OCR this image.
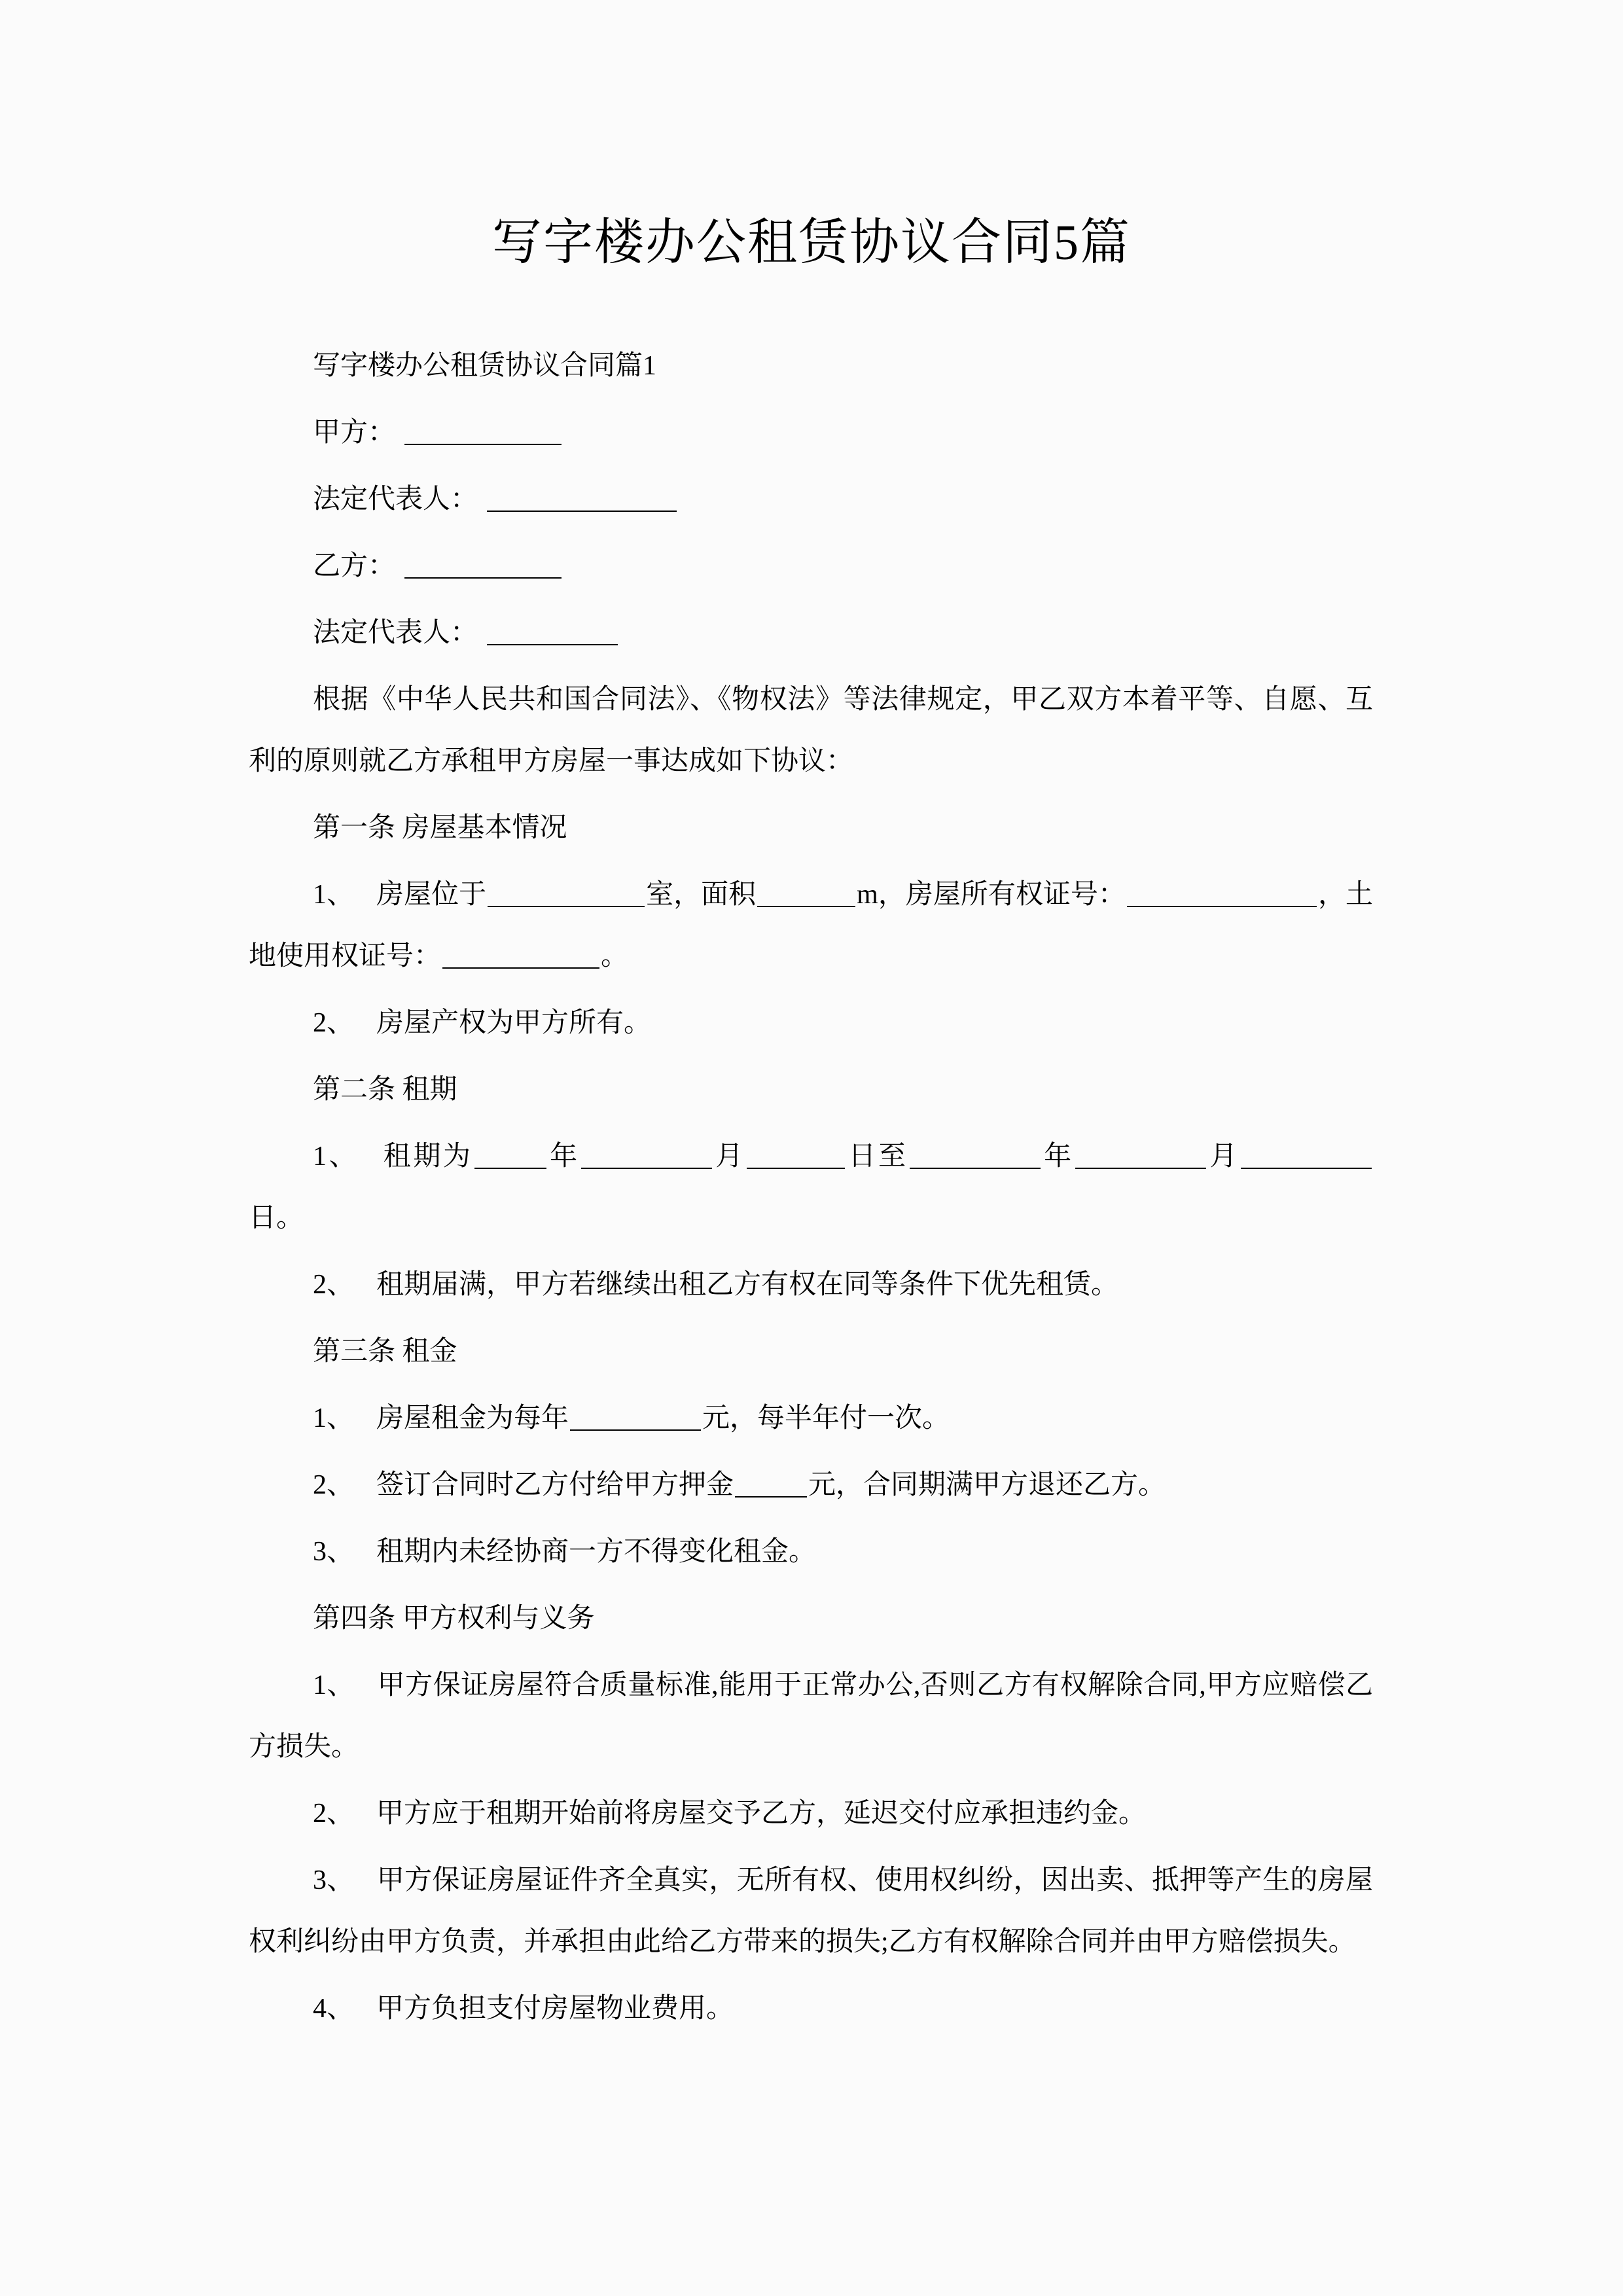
写字楼办公租赁协议合同5篇

写字楼办公租赁协议合同篇1

甲方：

法定代表人：

乙方：

法定代表人：

根据《中华人民共和国合同法》、《物权法》等法律规定，甲乙双方本着平等、自愿、互利的原则就乙方承租甲方房屋一事达成如下协议：

第一条 房屋基本情况

1、 房屋位于	室，面积	m，房屋所有权证号：	，土地使用权证号：	。

2、 房屋产权为甲方所有。

第二条 租期

1、 租期为	年	月	日至	年	月日。

2、 租期届满，甲方若继续出租乙方有权在同等条件下优先租赁。

第三条 租金

1、 房屋租金为每年	元，每半年付一次。

2、 签订合同时乙方付给甲方押金	元，合同期满甲方退还乙方。

3、 租期内未经协商一方不得变化租金。

第四条 甲方权利与义务

1、 甲方保证房屋符合质量标准,能用于正常办公,否则乙方有权解除合同,甲方应赔偿乙方损失。

2、 甲方应于租期开始前将房屋交予乙方，延迟交付应承担违约金。

3、 甲方保证房屋证件齐全真实，无所有权、使用权纠纷，因出卖、抵押等产生的房屋权利纠纷由甲方负责，并承担由此给乙方带来的损失;乙方有权解除合同并由甲方赔偿损失。

4、 甲方负担支付房屋物业费用。
